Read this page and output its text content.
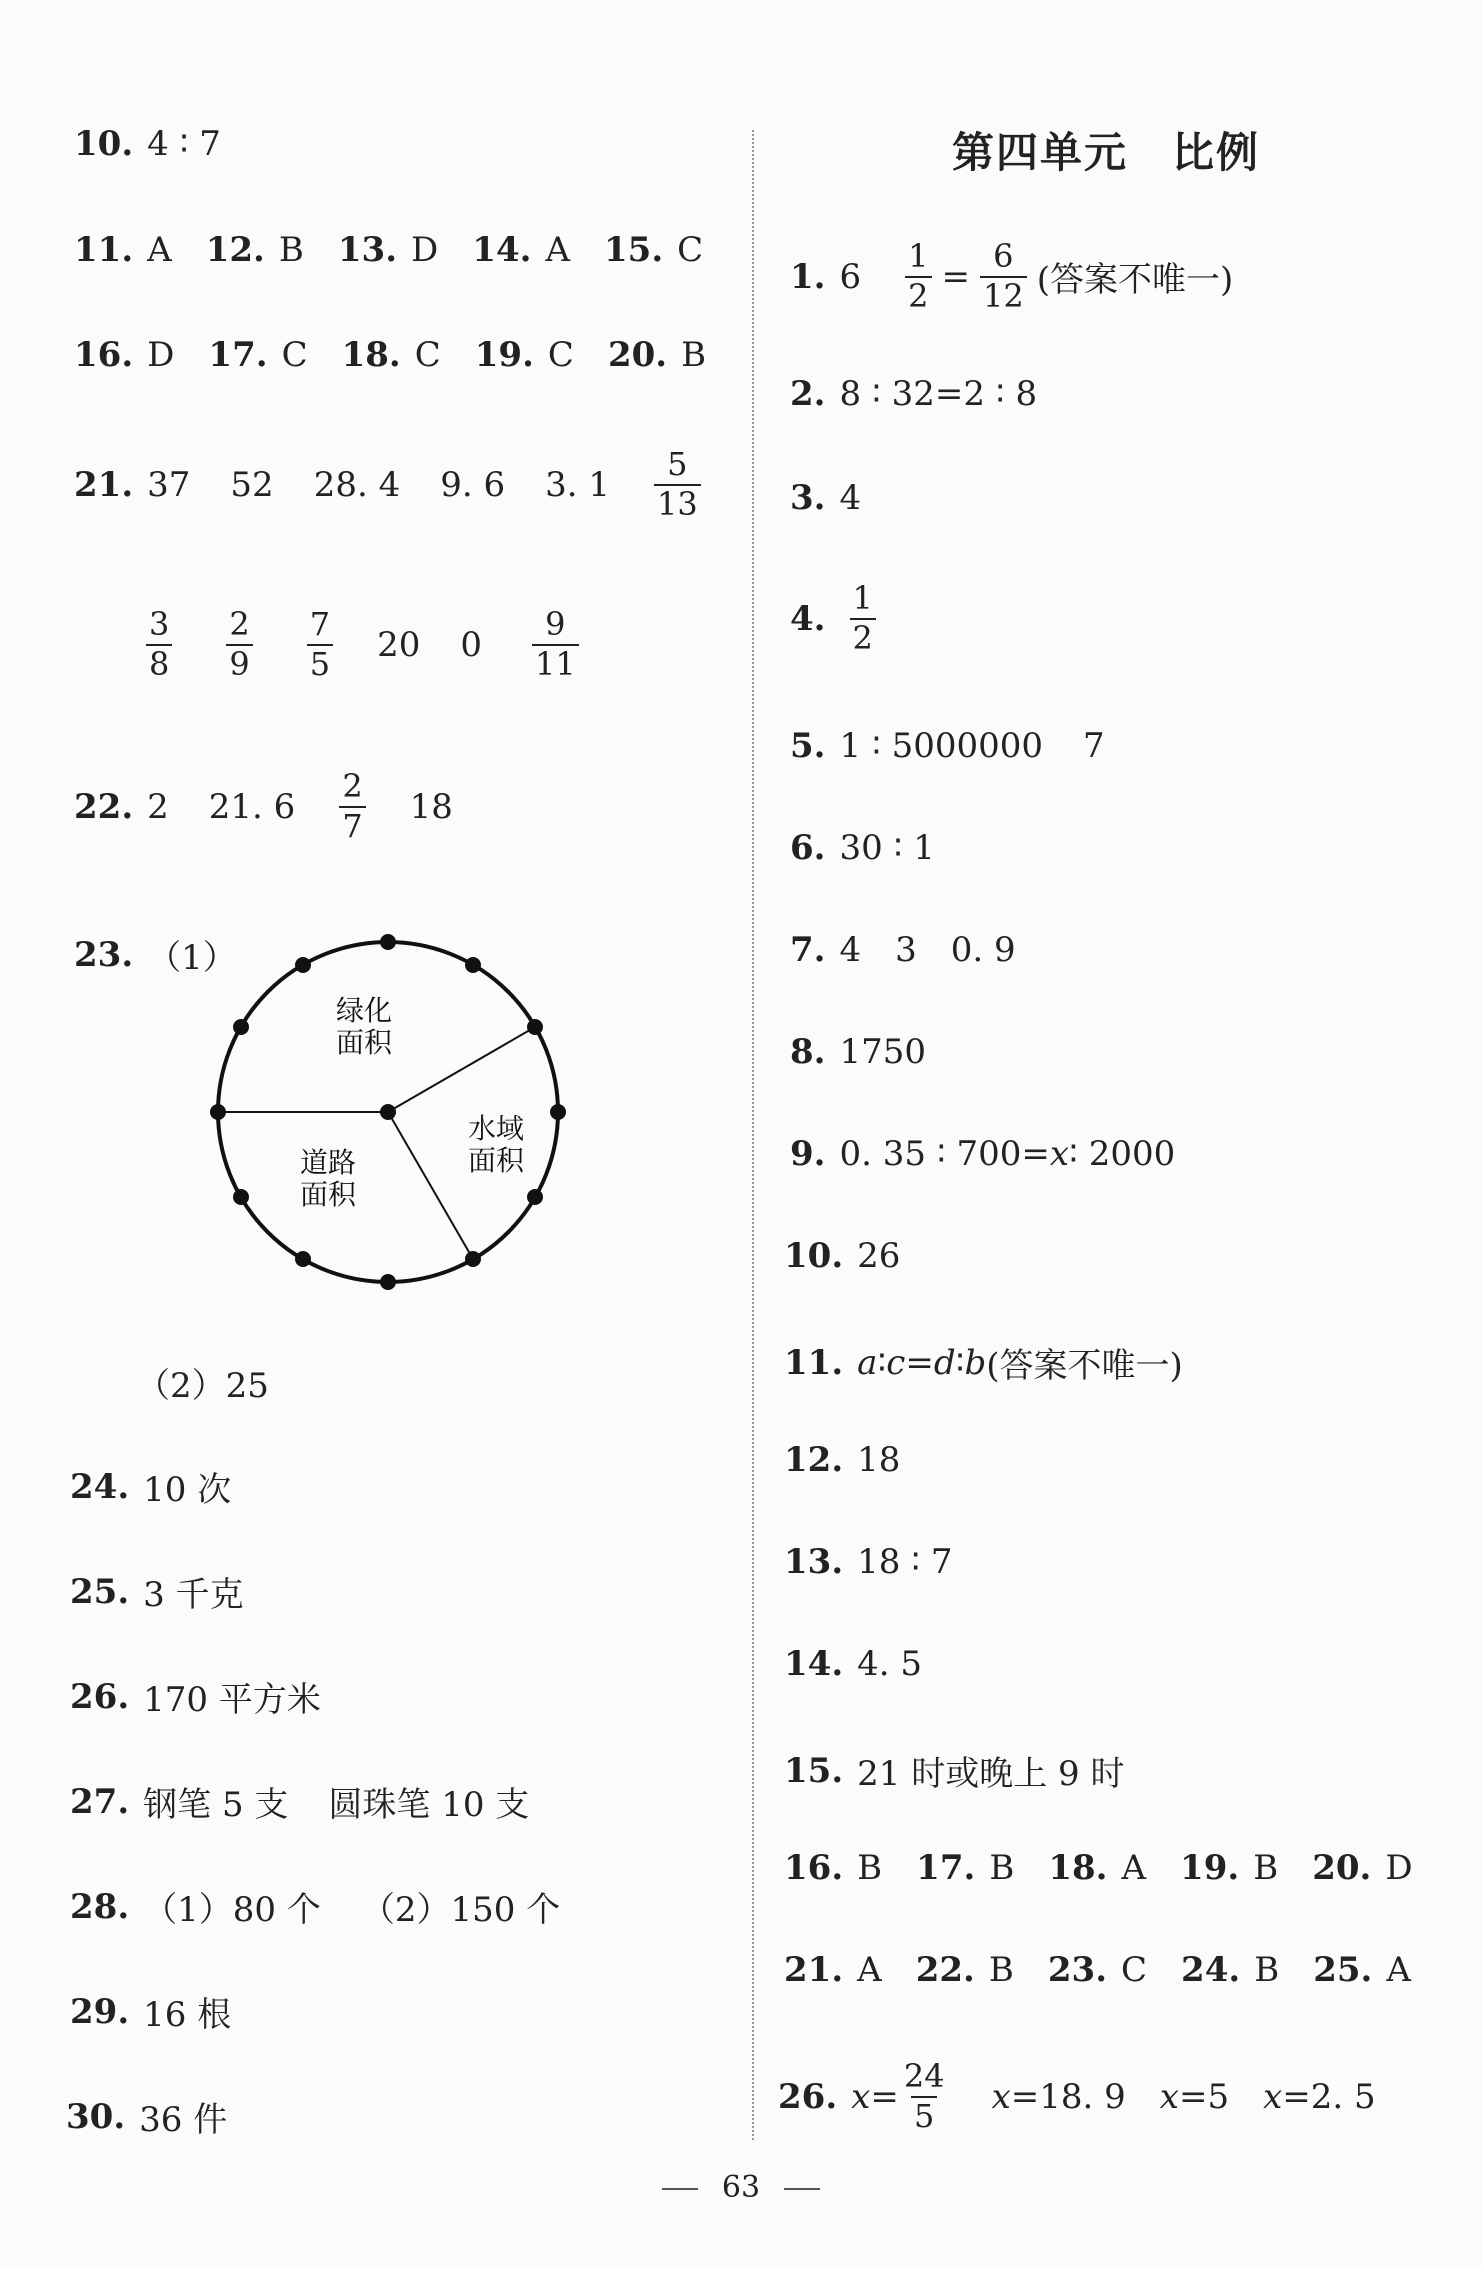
10. 4 ∶ 7
11. A 12. B 13. D 14. A 15. C
16. D 17. C 18. C 19. C 20. B
21. 37 52 28. 4 9. 6 3. $1 \frac{5}{13}$
$\frac{3}{8} \frac{2}{9} \frac{7}{5} 20$ $0 \frac{9}{11}$
22. 2 21. $6 \frac{2}{7} 18$
23. （1）
绿化
面积
水域
面积
道路
面积
（2）25
24. 10 次
25. 3 千克
26. 170 平方米
27. 钢笔 5 支 圆珠笔 10 支
28. （1）80 个 （2）150 个
29. 16 根
30. 36 件
第四单元　比例
1. $6 \frac{1}{2} = \frac{6}{12}$ (答案不唯一)
2. 8 ∶ 32=2 ∶ 8
3. 4
4. $\frac{1}{2}$
5. 1 ∶ 5000000 7
6. 30 ∶ 1
7. 4 3 0. 9
8. 1750
9. 0. 35 ∶ 700= x ∶ 2000
10. 26
11. a ∶ c = d ∶ b (答案不唯一)
12. 18
13. 18 ∶ 7
14. 4. 5
15. 21 时或晚上 9 时
16. B 17. B 18. A 19. B 20. D
21. A 22. B 23. C 24. B 25. A
26. $x = \frac{24}{5}$ x = 18. 9 x = 5 x = 2. 5
63
